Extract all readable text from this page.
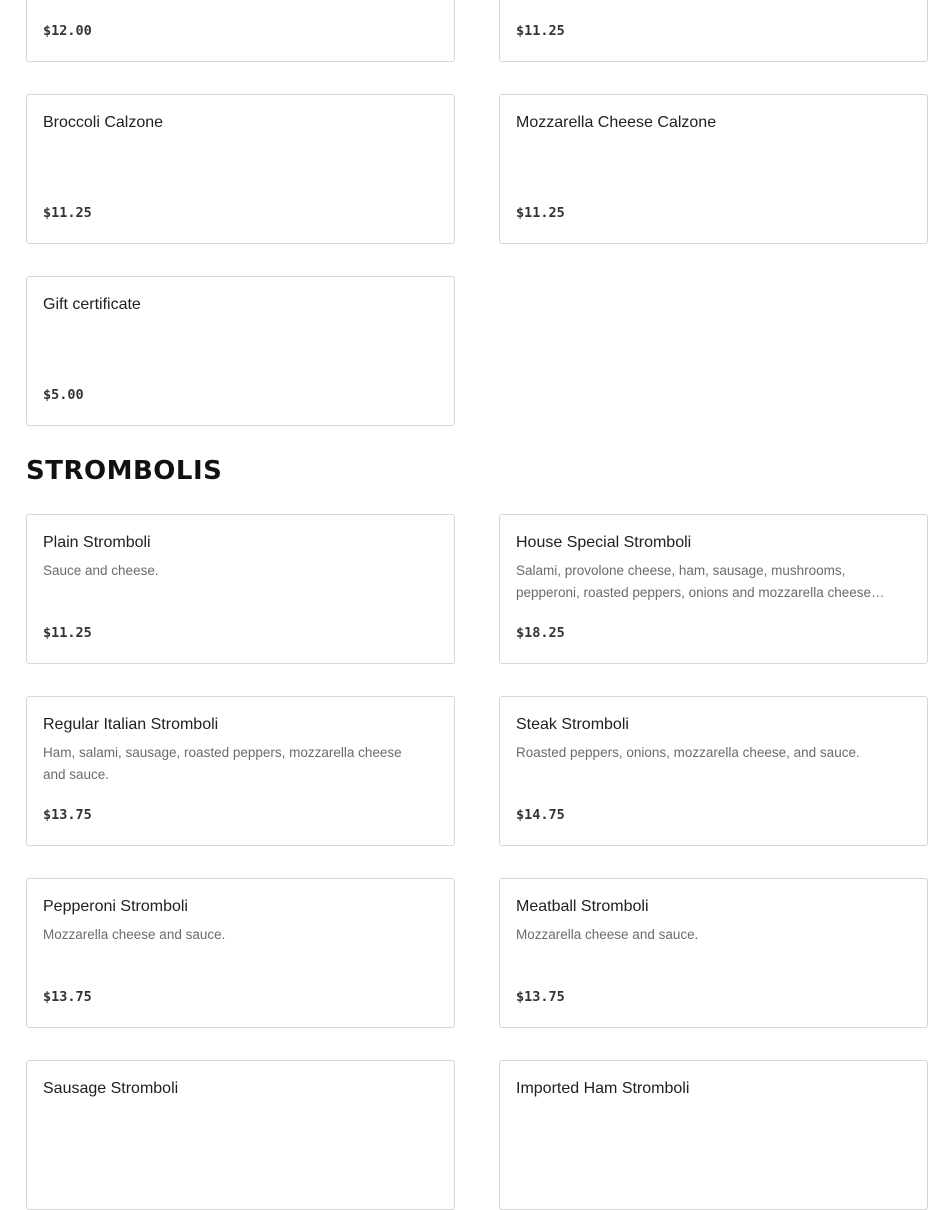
$12.00	$11.25
Broccoli Calzone
$11.25
Mozzarella Cheese Calzone
$11.25
Gift certificate
$5.00
STROMBOLIS
Plain Stromboli
Sauce and cheese.
$11.25
House Special Stromboli
Salami, provolone cheese, ham, sausage, mushrooms, pepperoni, roasted peppers, onions and mozzarella cheese…
$18.25
Regular Italian Stromboli
Ham, salami, sausage, roasted peppers, mozzarella cheese and sauce.
$13.75
Steak Stromboli
Roasted peppers, onions, mozzarella cheese, and sauce.
$14.75
Pepperoni Stromboli
Mozzarella cheese and sauce.
$13.75
Meatball Stromboli
Mozzarella cheese and sauce.
$13.75
Sausage Stromboli	Imported Ham Stromboli
